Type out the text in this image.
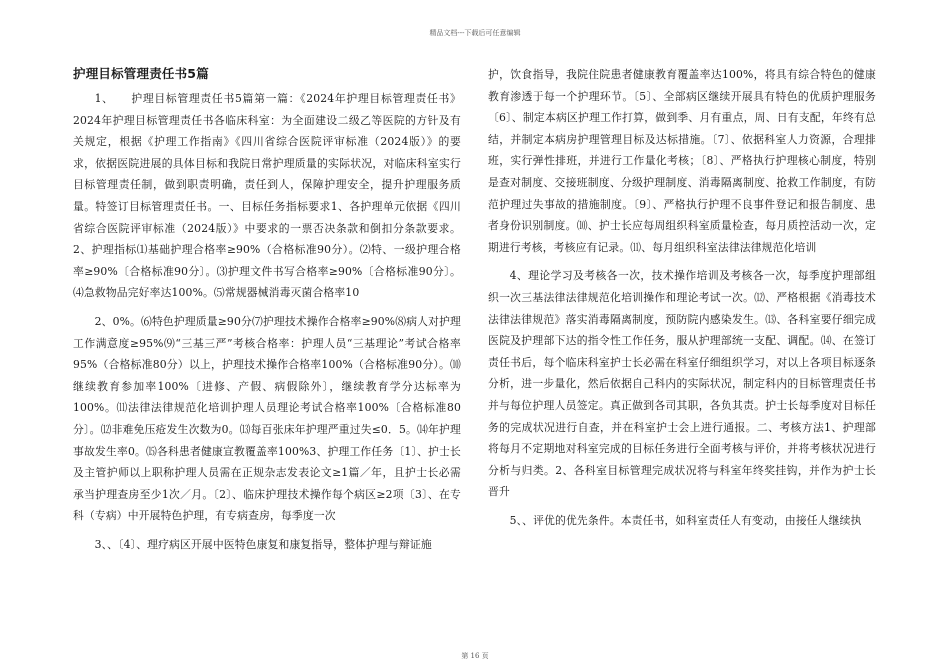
精品文档---下载后可任意编辑
护理目标管理责任书5篇

1、　　护理目标管理责任书5篇第一篇：《2024年护理目标管理责任书》2024年护理目标管理责任书各临床科室：为全面建设二级乙等医院的方针及有关规定，根据《护理工作指南》《四川省综合医院评审标准（2024版）》的要求，依据医院进展的具体目标和我院日常护理质量的实际状况，对临床科室实行目标管理责任制，做到职责明确，责任到人，保障护理安全，提升护理服务质量。特签订目标管理责任书。一、目标任务指标要求1、各护理单元依据《四川省综合医院评审标准（2024版）》中要求的一票否决条款和倒扣分条款要求。2、护理指标⑴基础护理合格率≥90%（合格标准90分）。⑵特、一级护理合格率≥90%〔合格标准90分〕。⑶护理文件书写合格率≥90%〔合格标准90分〕。⑷急救物品完好率达100%。⑸常规器械消毒灭菌合格率10

2、0%。⑹特色护理质量≥90分⑺护理技术操作合格率≥90%⑻病人对护理工作满意度≥95%⑼“三基三严”考核合格率：护理人员“三基理论”考试合格率95%（合格标准80分）以上，护理技术操作合格率100%（合格标准90分）。⑽继续教育参加率100%〔进修、产假、病假除外〕，继续教育学分达标率为100%。⑾法律法律规范化培训护理人员理论考试合格率100%〔合格标准80分〕。⑿非难免压疮发生次数为0。⒀每百张床年护理严重过失≤0．5。⒁年护理事故发生率0。⒂各科患者健康宣教覆盖率100%3、护理工作任务〔1〕、护士长及主管护师以上职称护理人员需在正规杂志发表论文≥1篇／年，且护士长必需承当护理查房至少1次／月。〔2〕、临床护理技术操作每个病区≥2项〔3〕、在专科（专病）中开展特色护理，有专病查房，每季度一次

3、、〔4〕、理疗病区开展中医特色康复和康复指导，整体护理与辩证施

护，饮食指导，我院住院患者健康教育覆盖率达100%，将具有综合特色的健康教育渗透于每一个护理环节。〔5〕、全部病区继续开展具有特色的优质护理服务〔6〕、制定本病区护理工作打算，做到季、月有重点，周、日有支配，年终有总结，并制定本病房护理管理目标及达标措施。〔7〕、依据科室人力资源，合理排班，实行弹性排班，并进行工作量化考核；〔8〕、严格执行护理核心制度，特别是查对制度、交接班制度、分级护理制度、消毒隔离制度、抢救工作制度，有防范护理过失事故的措施制度。〔9〕、严格执行护理不良事件登记和报告制度、患者身份识别制度。⑽、护士长应每周组织科室质量检查，每月质控活动一次，定期进行考核，考核应有记录。⑾、每月组织科室法律法律规范化培训

4、理论学习及考核各一次，技术操作培训及考核各一次，每季度护理部组织一次三基法律法律规范化培训操作和理论考试一次。⑿、严格根据《消毒技术法律法律规范》落实消毒隔离制度，预防院内感染发生。⒀、各科室要仔细完成医院及护理部下达的指令性工作任务，服从护理部统一支配、调配。⒁、在签订责任书后，每个临床科室护士长必需在科室仔细组织学习，对以上各项目标逐条分析，进一步量化，然后依据自己科内的实际状况，制定科内的目标管理责任书并与每位护理人员签定。真正做到各司其职，各负其责。护士长每季度对目标任务的完成状况进行自查，并在科室护士会上进行通报。二、考核方法1、护理部将每月不定期地对科室完成的目标任务进行全面考核与评价，并将考核状况进行分析与归类。2、各科室目标管理完成状况将与科室年终奖挂钩，并作为护士长晋升

5、、评优的优先条件。本责任书，如科室责任人有变动，由接任人继续执

第 16 页
